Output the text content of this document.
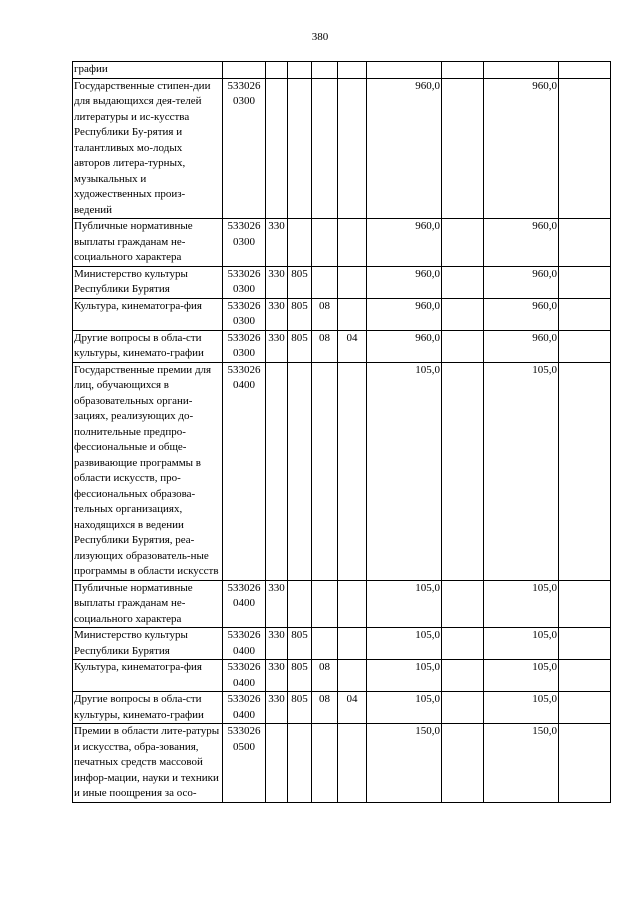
380
графии									
Государственные стипен-дии для выдающихся дея-телей литературы и ис-кусства Республики Бу-рятия и талантливых мо-лодых авторов литера-турных, музыкальных и художественных произ-ведений	533026 0300					960,0		960,0	
Публичные нормативные выплаты гражданам не-социального характера	533026 0300	330				960,0		960,0	
Министерство культуры Республики Бурятия	533026 0300	330	805			960,0		960,0	
Культура, кинематогра-фия	533026 0300	330	805	08		960,0		960,0	
Другие вопросы в обла-сти культуры, кинемато-графии	533026 0300	330	805	08	04	960,0		960,0	
Государственные премии для лиц, обучающихся в образовательных органи-зациях, реализующих до-полнительные предпро-фессиональные и обще-развивающие программы в области искусств, про-фессиональных образова-тельных организациях, находящихся в ведении Республики Бурятия, реа-лизующих образователь-ные программы в области искусств	533026 0400					105,0		105,0	
Публичные нормативные выплаты гражданам не-социального характера	533026 0400	330				105,0		105,0	
Министерство культуры Республики Бурятия	533026 0400	330	805			105,0		105,0	
Культура, кинематогра-фия	533026 0400	330	805	08		105,0		105,0	
Другие вопросы в обла-сти культуры, кинемато-графии	533026 0400	330	805	08	04	105,0		105,0	
Премии в области лите-ратуры и искусства, обра-зования, печатных средств массовой инфор-мации, науки и техники и иные поощрения за осо-	533026 0500					150,0		150,0	
